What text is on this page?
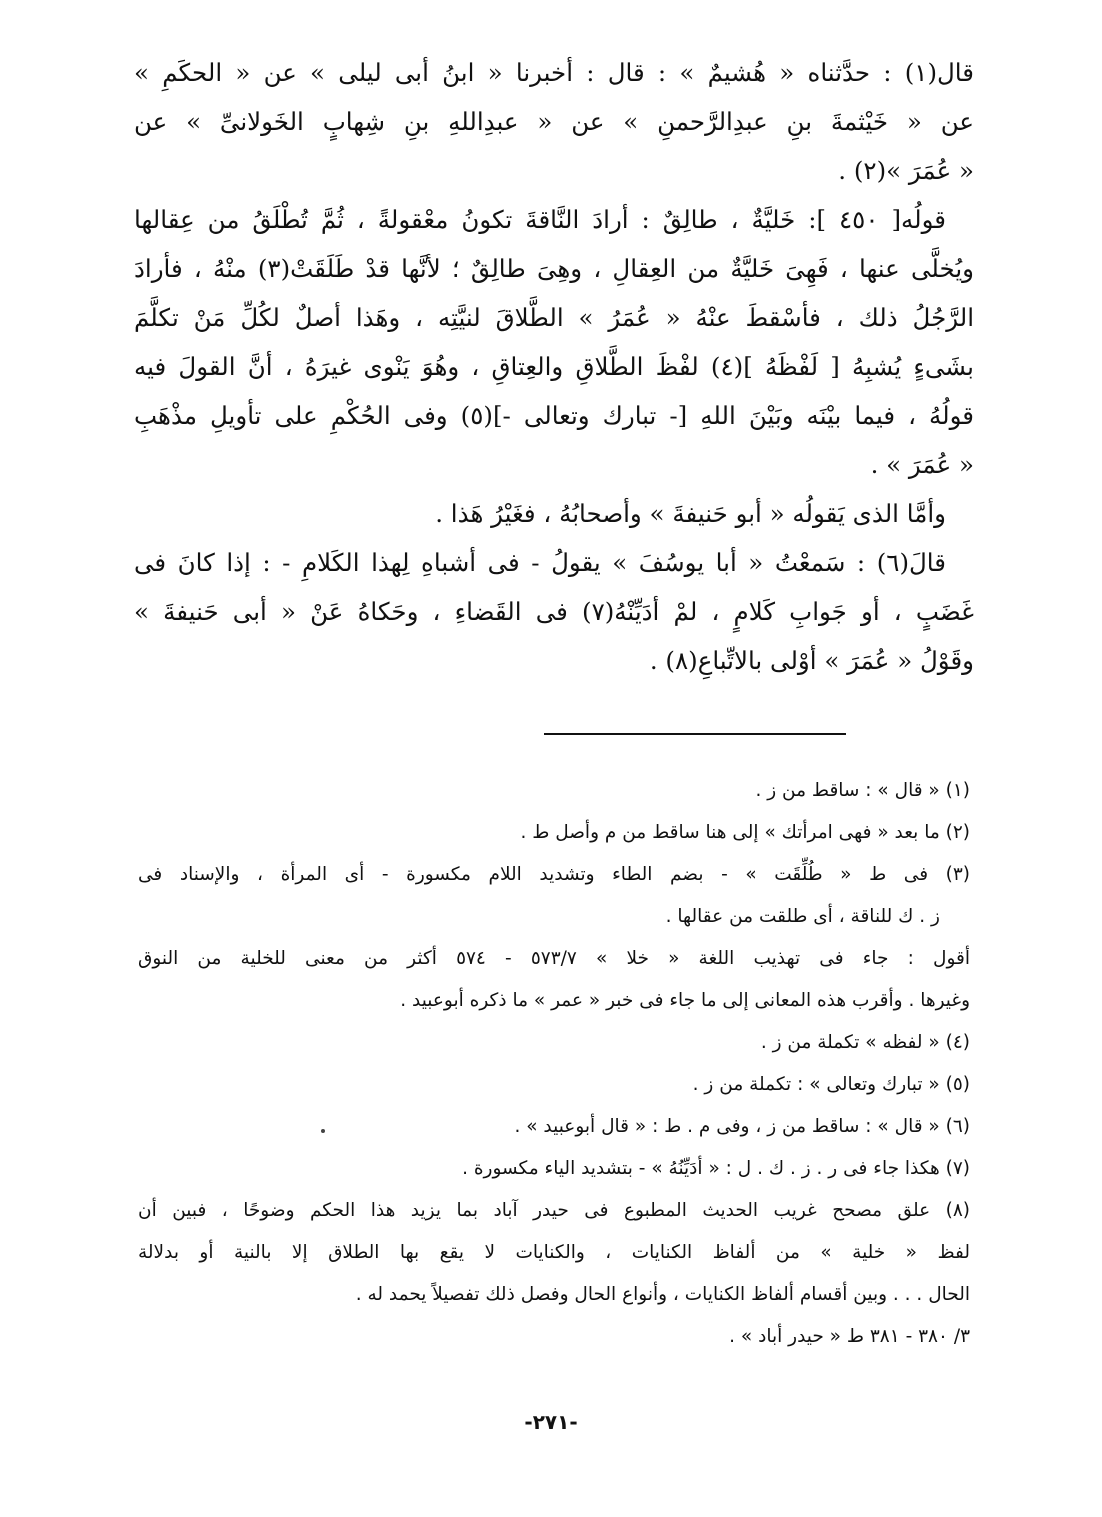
قال(١) : حدَّثناه « هُشيمٌ » : قال : أخبرنا « ابنُ أبى ليلى » عن « الحكَمِ »
عن « خَيْثمةَ بنِ عبدِالرَّحمنِ » عن « عبدِاللهِ بنِ شِهابٍ الخَولانىِّ » عن
« عُمَرَ »(٢) .
قولُه[ ٤٥٠ ]: خَليَّةٌ ، طالِقٌ : أرادَ النَّاقةَ تكونُ معْقولةً ، ثُمَّ تُطْلَقُ من عِقالها
ويُخلَّى عنها ، فَهِىَ خَليَّةٌ من العِقالِ ، وهِىَ طالِقٌ ؛ لأنَّها قدْ طَلَقَتْ(٣) منْهُ ، فأرادَ
الرَّجُلُ ذلك ، فأسْقطَ عنْهُ « عُمَرُ » الطَّلاقَ لنيَّتِه ، وهَذا أصلٌ لكُلِّ مَنْ تكلَّمَ
بشَىءٍ يُشبِهُ [ لَفْظَهُ ](٤) لفْظَ الطَّلاقِ والعِتاقِ ، وهُوَ يَنْوى غيرَهُ ، أنَّ القولَ فيه
قولُهُ ، فيما بيْنَه وبَيْنَ اللهِ [- تبارك وتعالى -](٥) وفى الحُكْمِ على تأويلِ مذْهَبِ
« عُمَرَ » .
وأمَّا الذى يَقولُه « أبو حَنيفةَ » وأصحابُهُ ، فغَيْرُ هَذا .
قالَ(٦) : سَمعْتُ « أبا يوسُفَ » يقولُ - فى أشباهِ لِهذا الكَلامِ - : إذا كانَ فى
غَضَبٍ ، أو جَوابِ كَلامٍ ، لمْ أدَيِّنْهُ(٧) فى القَضاءِ ، وحَكاهُ عَنْ « أبى حَنيفةَ »
وقَوْلُ « عُمَرَ » أوْلى بالاتِّباعِ(٨) .
(١) « قال » : ساقط من ز .
(٢) ما بعد « فهى امرأتك » إلى هنا ساقط من م وأصل ط .
(٣) فى ط « طُلِّقَت » - بضم الطاء وتشديد اللام مكسورة - أى المرأة ، والإسناد فى
ز . ك للناقة ، أى طلقت من عقالها .
أقول : جاء فى تهذيب اللغة « خلا » ٥٧٣/٧ - ٥٧٤ أكثر من معنى للخلية من النوق
وغيرها . وأقرب هذه المعانى إلى ما جاء فى خبر « عمر » ما ذكره أبوعبيد .
(٤) « لفظه » تكملة من ز .
(٥) « تبارك وتعالى » : تكملة من ز .
(٦) « قال » : ساقط من ز ، وفى م . ط : « قال أبوعبيد » .
(٧) هكذا جاء فى ر . ز . ك . ل : « أدَيِّنُهُ » - بتشديد الياء مكسورة .
(٨) علق مصحح غريب الحديث المطبوع فى حيدر آباد بما يزيد هذا الحكم وضوحًا ، فبين أن
لفظ « خلية » من ألفاظ الكنايات ، والكنايات لا يقع بها الطلاق إلا بالنية أو بدلالة
الحال . . . وبين أقسام ألفاظ الكنايات ، وأنواع الحال وفصل ذلك تفصيلاً يحمد له .
٣/ ٣٨٠ - ٣٨١ ط « حيدر أباد » .
-٢٧١-
